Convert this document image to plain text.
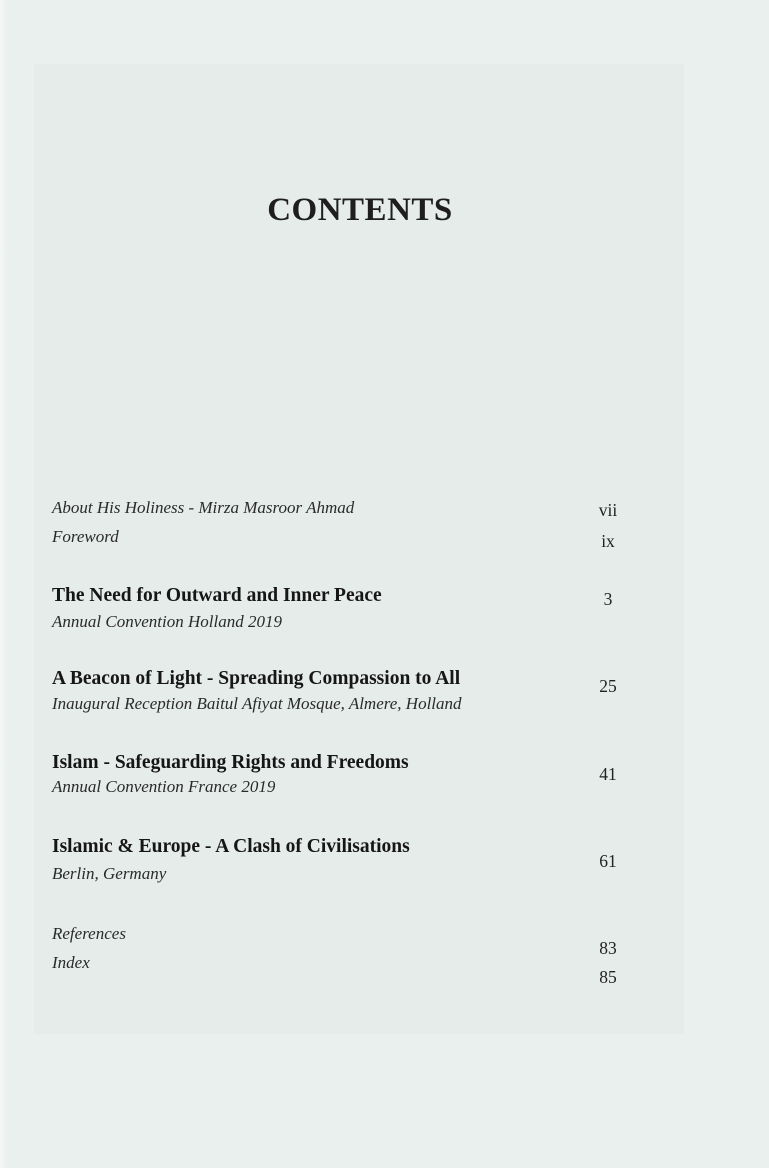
CONTENTS
About His Holiness - Mirza Masroor Ahmad	vii
Foreword	ix
The Need for Outward and Inner Peace
Annual Convention Holland 2019
3
A Beacon of Light - Spreading Compassion to All
Inaugural Reception Baitul Afiyat Mosque, Almere, Holland
25
Islam - Safeguarding Rights and Freedoms
Annual Convention France 2019
41
Islamic & Europe - A Clash of Civilisations
Berlin, Germany
61
References
83
Index
85
